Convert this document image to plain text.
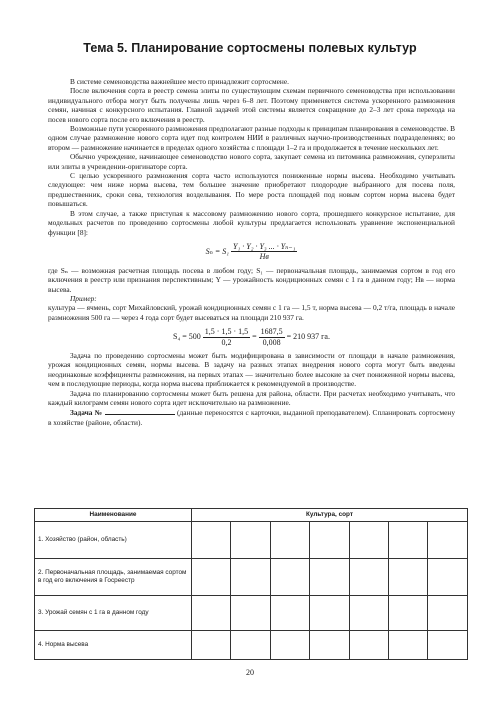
Тема 5. Планирование сортосмены полевых культур

В системе семеноводства важнейшее место принадлежит сортосмене.

После включения сорта в реестр семена элиты по существующим схемам первичного семеноводства при использовании индивидуального отбора могут быть получены лишь через 6–8 лет. Поэтому применяется система ускоренного размножения семян, начиная с конкурсного испытания. Главной задачей этой системы является сокращение до 2–3 лет срока перехода на посев нового сорта после его включения в реестр.

Возможные пути ускоренного размножения предполагают разные подходы к принципам планирования в семеноводстве. В одном случае размножение нового сорта идет под контролем НИИ в различных научно-производственных подразделениях; во втором — размножение начинается в пределах одного хозяйства с площади 1–2 га и продолжается в течение нескольких лет.

Обычно учреждение, начинающее семеноводство нового сорта, закупает семена из питомника размножения, суперэлиты или элиты в учреждении-оригинаторе сорта.

С целью ускоренного размножения сорта часто используются пониженные нормы высева. Необходимо учитывать следующее: чем ниже норма высева, тем большее значение приобретают плодородие выбранного для посева поля, предшественник, сроки сева, технология возделывания. По мере роста площадей под новым сортом норма высева будет повышаться.

В этом случае, а также приступая к массовому размножению нового сорта, прошедшего конкурсное испытание, для модельных расчетов по проведению сортосмены любой культуры предлагается использовать уравнение экспоненциальной функции [8]:

$S_n = S_1 \frac{\text{Y₁ · Y₂ · Y₃ ... · Yₙ₋₁}}{Hв}$

где Sₙ — возможная расчетная площадь посева в любом году; S₁ — первоначальная площадь, занимаемая сортом в год его включения в реестр или признания перспективным; Y — урожайность кондиционных семян с 1 га в данном году; Hв — норма высева.

Пример:

культура — ячмень, сорт Михайловский, урожай кондиционных семян с 1 га — 1,5 т, норма высева — 0,2 т/га, площадь в начале размножения 500 га — через 4 года сорт будет высеваться на площади 210 937 га.

$S_4 = 500 \frac{1,5 \cdot 1,5 \cdot 1,5}{0,2} = \frac{1687,5}{0,008} = 210$ 937 га.

Задача по проведению сортосмены может быть модифицирована в зависимости от площади в начале размножения, урожая кондиционных семян, нормы высева. В задачу на разных этапах внедрения нового сорта могут быть введены неодинаковые коэффициенты размножения, на первых этапах — значительно более высокие за счет пониженной нормы высева, чем в последующие периоды, когда норма высева приближается к рекомендуемой в производстве.

Задача по планированию сортосмены может быть решена для района, области. При расчетах необходимо учитывать, что каждый килограмм семян нового сорта идет исключительно на размножение.

Задача №	(данные переносятся с карточки, выданной преподавателем). Спланировать сортосмену в хозяйстве (районе, области).

Наименование	Культура, сорт						
1. Хозяйство (район, область)							
2. Первоначальная площадь, занимаемая сортом в год его включения в Госреестр							
3. Урожай семян с 1 га в данном году							
4. Норма высева							
20
